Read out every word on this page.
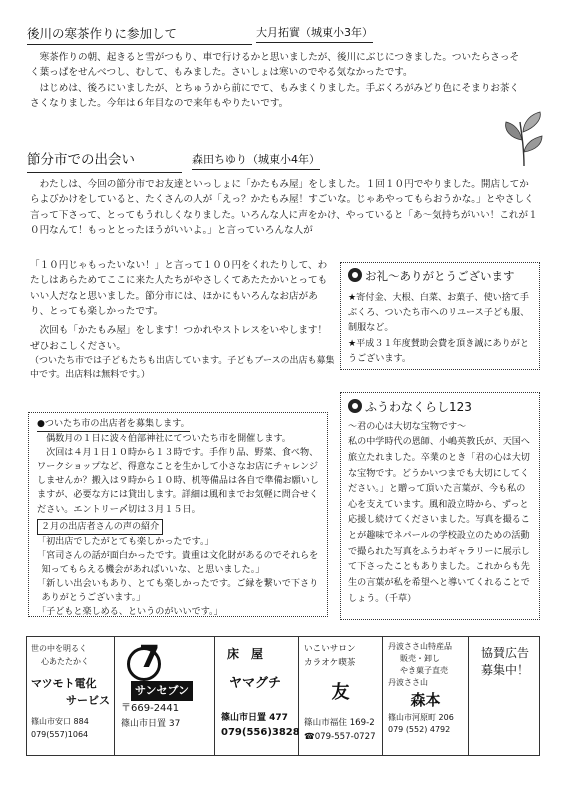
後川の寒茶作りに参加して	大月拓實（城東小3年）

寒茶作りの朝、起きると雪がつもり、車で行けるかと思いましたが、後川にぶじにつきました。ついたらさっそく葉っぱをせんべつし、むして、もみました。さいしょは寒いのでやる気なかったです。

はじめは、後ろにいましたが、とちゅうから前にでて、もみまくりました。手ぶくろがみどり色にそまりお茶くさくなりました。今年は６年目なので来年もやりたいです。

節分市での出会い	森田ちゆり（城東小4年）

わたしは、今回の節分市でお友達といっしょに「かたもみ屋」をしました。１回１０円でやりました。開店してからよびかけをしていると、たくさんの人が「えっ？かたもみ屋！すごいな。じゃあやってもらおうかな。」とやさしく言って下さって、とってもうれしくなりました。いろんな人に声をかけ、やっていると「あ～気持ちがいい！これが１０円なんて！もっととったほうがいいよ。」と言っていろんな人が

「１０円じゃもったいない！」と言って１００円をくれたりして、わたしはあらためてここに来た人たちがやさしくてあたたかいとっても

いい人だなと思いました。節分市には、ほかにもいろんなお店があり、とっても楽しかったです。

次回も「かたもみ屋」をします！つかれやストレスをいやします！ぜひおこしください。

（ついたち市では子どもたちも出店しています。子どもブースの出店も募集中です。出店料は無料です。）

●ついたち市の出店者を募集します。

偶数月の１日に波々伯部神社にてついたち市を開催します。

次回は４月１日１０時から１３時です。手作り品、野菜、食べ物、ワークショップなど、得意なことを生かして小さなお店にチャレンジしませんか？搬入は９時から１０時、机等備品は各自で準備お願いしますが、必要な方には貸出します。詳細は風和までお気軽に問合せください。エントリー〆切は３月１５日。

２月の出店者さんの声の紹介

「初出店でしたがとても楽しかったです。」

「宮司さんの話が面白かったです。貴重は文化財があるのでそれらを知ってもらえる機会があればいいな、と思いました。」

「新しい出会いもあり、とても楽しかったです。ご縁を繋いで下さりありがとうございます。」

「子どもと楽しめる、というのがいいです。」

お礼～ありがとうございます

★寄付金、大根、白菜、お菓子、使い捨て手ぶくろ、ついたち市へのリユース子ども服、制服など。

★平成３１年度賛助会費を頂き誠にありがとうございます。

ふうわなくらし123

～君の心は大切な宝物です～

私の中学時代の恩師、小嶋英教氏が、天国へ旅立たれました。卒業のとき「君の心は大切な宝物です。どうかいつまでも大切にしてください。」と贈って頂いた言葉が、今も私の心を支えています。風和設立時から、ずっと応援し続けてくださいました。写真を撮ることが趣味でネパールの学校設立のための活動で撮られた写真をふうわギャラリーに展示して下さったこともありました。これからも先生の言葉が私を希望へと導いてくれることでしょう。（千草）

世の中を明るく
心あたたかく
マツモト電化
サービス
篠山市安口 884
079(557)1064
7
サンセブン
〒669-2441
篠山市日置 37
床　屋
ヤマグチ
篠山市日置 477
079(556)3828
いこいサロン
カラオケ喫茶
友
篠山市福住 169-2
☎079-557-0727
丹波ささ山特産品
販売・卸し
やき菓子直売
丹波ささ山
森本
篠山市河原町 206
079 (552) 4792
協賛広告
募集中！
